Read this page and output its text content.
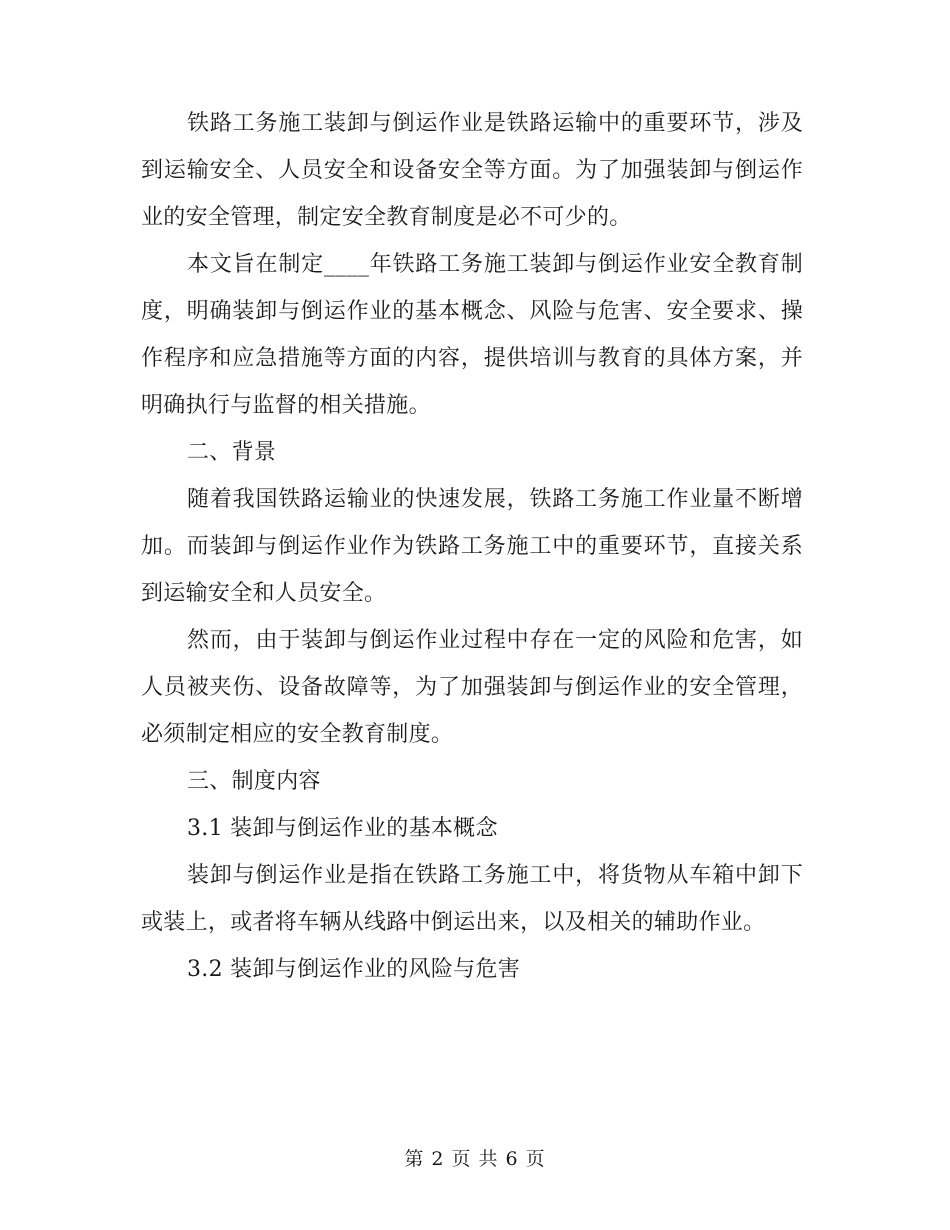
铁路工务施工装卸与倒运作业是铁路运输中的重要环节，涉及到运输安全、人员安全和设备安全等方面。为了加强装卸与倒运作业的安全管理，制定安全教育制度是必不可少的。

本文旨在制定____年铁路工务施工装卸与倒运作业安全教育制度，明确装卸与倒运作业的基本概念、风险与危害、安全要求、操作程序和应急措施等方面的内容，提供培训与教育的具体方案，并明确执行与监督的相关措施。

二、背景

随着我国铁路运输业的快速发展，铁路工务施工作业量不断增加。而装卸与倒运作业作为铁路工务施工中的重要环节，直接关系到运输安全和人员安全。

然而，由于装卸与倒运作业过程中存在一定的风险和危害，如人员被夹伤、设备故障等，为了加强装卸与倒运作业的安全管理，必须制定相应的安全教育制度。

三、制度内容

3.1 装卸与倒运作业的基本概念

装卸与倒运作业是指在铁路工务施工中，将货物从车箱中卸下或装上，或者将车辆从线路中倒运出来，以及相关的辅助作业。

3.2 装卸与倒运作业的风险与危害

第 2 页 共 6 页
